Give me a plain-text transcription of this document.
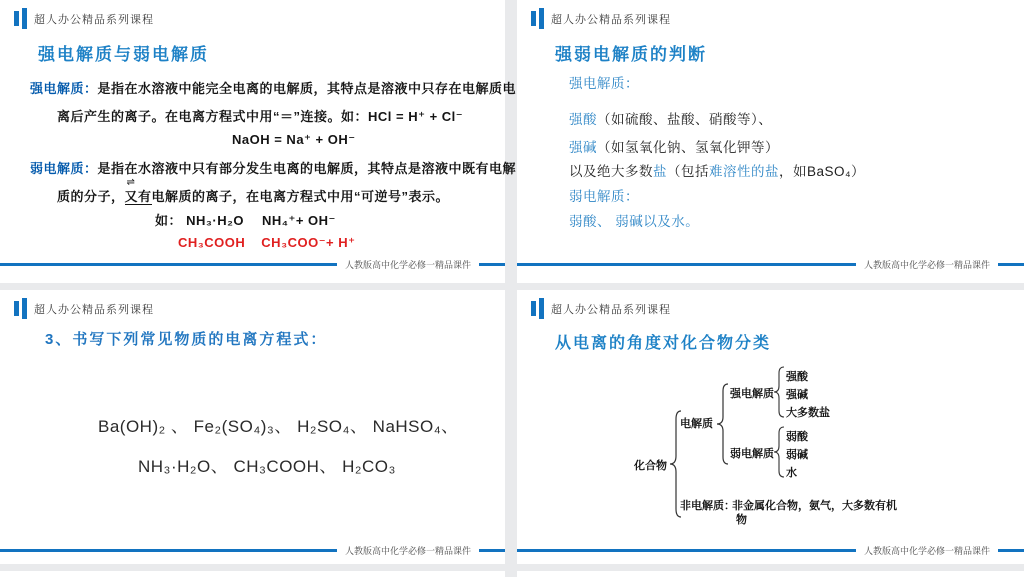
超人办公精品系列课程
强电解质与弱电解质
强电解质：是指在水溶液中能完全电离的电解质，其特点是溶液中只存在电解质电
离后产生的离子。在电离方程式中用“＝”连接。如：HCl = H⁺ + Cl⁻
NaOH = Na⁺ + OH⁻
弱电解质：是指在水溶液中只有部分发生电离的电解质，其特点是溶液中既有电解
质的分子，
⇌
又有电解质的离子，在电离方程式中用“可逆号”表示。
如： NH₃·H₂O NH₄⁺+ OH⁻
CH₃COOH CH₃COO⁻+ H⁺
人教版高中化学必修一精品课件
超人办公精品系列课程
强弱电解质的判断
强电解质：
强酸（如硫酸、盐酸、硝酸等）、
强碱（如氢氧化钠、氢氧化钾等）
以及绝大多数盐（包括难溶性的盐，如BaSO₄）
弱电解质：
弱酸、 弱碱以及水。
人教版高中化学必修一精品课件
超人办公精品系列课程
3、书写下列常见物质的电离方程式：
Ba(OH)₂ 、 Fe₂(SO₄)₃、 H₂SO₄、 NaHSO₄、
NH₃·H₂O、 CH₃COOH、 H₂CO₃
人教版高中化学必修一精品课件
超人办公精品系列课程
从电离的角度对化合物分类
化合物
电解质
强电解质
强酸
强碱
大多数盐
弱电解质
弱酸
弱碱
水
非电解质：
非金属化合物，氨气，大多数有机
物
人教版高中化学必修一精品课件
